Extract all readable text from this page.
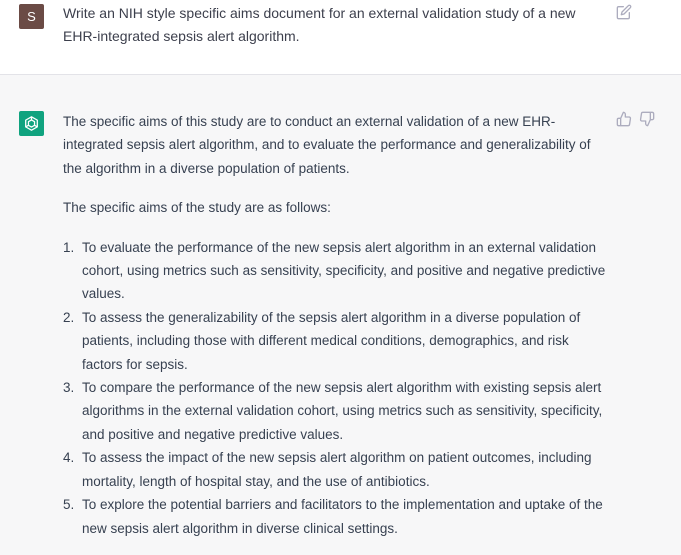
S	Write an NIH style specific aims document for an external validation study of a new EHR-integrated sepsis alert algorithm.

The specific aims of this study are to conduct an external validation of a new EHR-integrated sepsis alert algorithm, and to evaluate the performance and generalizability of the algorithm in a diverse population of patients.

The specific aims of the study are as follows:

1. To evaluate the performance of the new sepsis alert algorithm in an external validation cohort, using metrics such as sensitivity, specificity, and positive and negative predictive values.
2. To assess the generalizability of the sepsis alert algorithm in a diverse population of patients, including those with different medical conditions, demographics, and risk factors for sepsis.
3. To compare the performance of the new sepsis alert algorithm with existing sepsis alert algorithms in the external validation cohort, using metrics such as sensitivity, specificity, and positive and negative predictive values.
4. To assess the impact of the new sepsis alert algorithm on patient outcomes, including mortality, length of hospital stay, and the use of antibiotics.
5. To explore the potential barriers and facilitators to the implementation and uptake of the new sepsis alert algorithm in diverse clinical settings.
